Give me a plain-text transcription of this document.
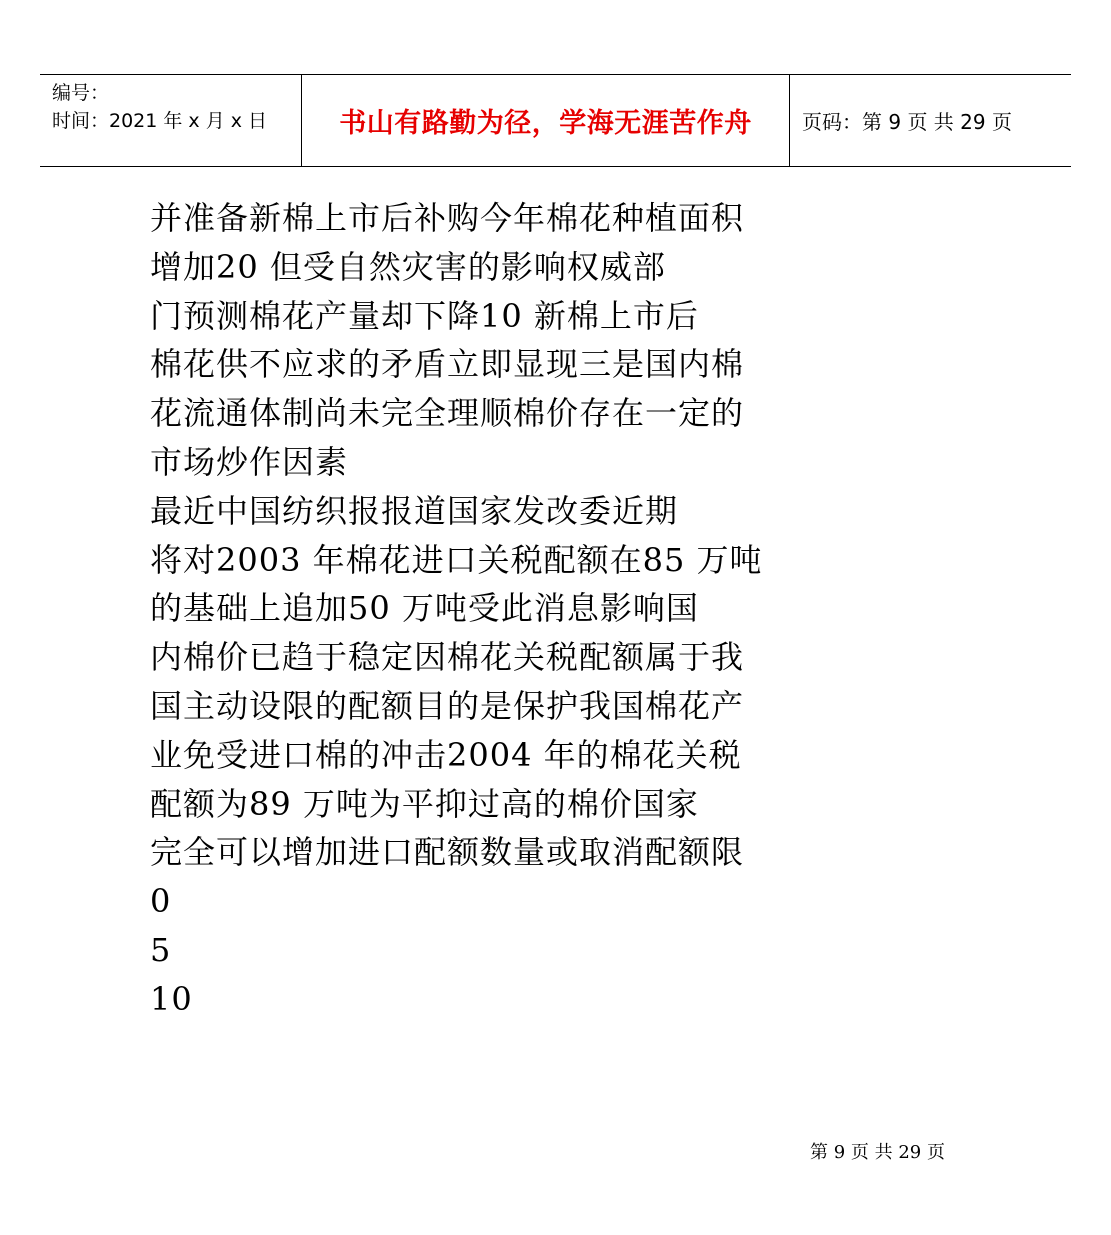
编号：
时间：2021 年 x 月 x 日	书山有路勤为径，学海无涯苦作舟	页码：第 9 页 共 29 页
并准备新棉上市后补购今年棉花种植面积
增加20 但受自然灾害的影响权威部
门预测棉花产量却下降10 新棉上市后
棉花供不应求的矛盾立即显现三是国内棉
花流通体制尚未完全理顺棉价存在一定的
市场炒作因素
最近中国纺织报报道国家发改委近期
将对2003 年棉花进口关税配额在85 万吨
的基础上追加50 万吨受此消息影响国
内棉价已趋于稳定因棉花关税配额属于我
国主动设限的配额目的是保护我国棉花产
业免受进口棉的冲击2004 年的棉花关税
配额为89 万吨为平抑过高的棉价国家
完全可以增加进口配额数量或取消配额限
0
5
10
第 9 页 共 29 页
